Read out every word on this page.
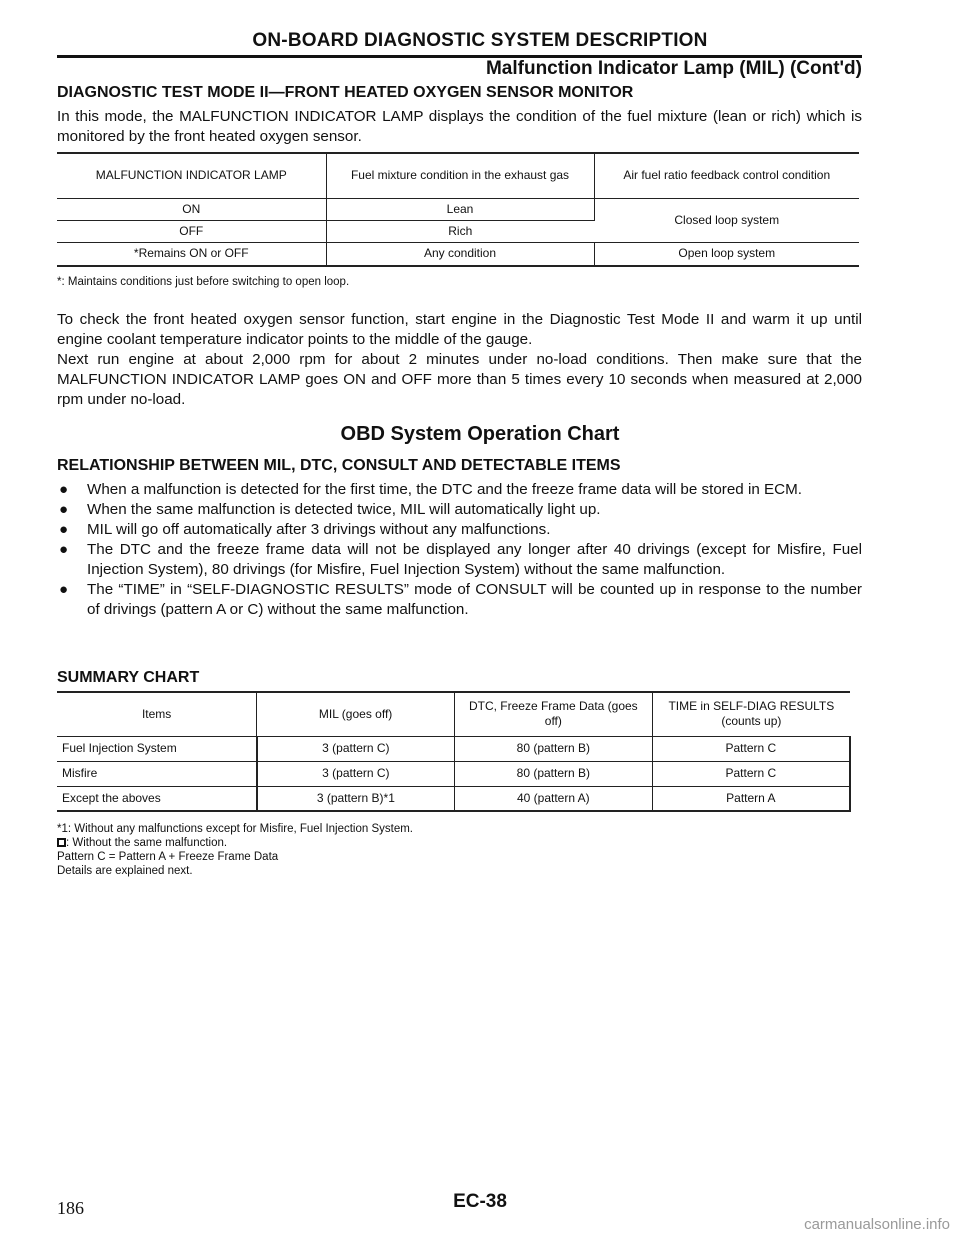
ON-BOARD DIAGNOSTIC SYSTEM DESCRIPTION
Malfunction Indicator Lamp (MIL) (Cont'd)
DIAGNOSTIC TEST MODE II—FRONT HEATED OXYGEN SENSOR MONITOR

In this mode, the MALFUNCTION INDICATOR LAMP displays the condition of the fuel mixture (lean or rich) which is monitored by the front heated oxygen sensor.

MALFUNCTION INDICATOR LAMP	Fuel mixture condition in the exhaust gas	Air fuel ratio feedback control condition
ON	Lean	Closed loop system
OFF	Rich	
*Remains ON or OFF	Any condition	Open loop system
*: Maintains conditions just before switching to open loop.

To check the front heated oxygen sensor function, start engine in the Diagnostic Test Mode II and warm it up until engine coolant temperature indicator points to the middle of the gauge.

Next run engine at about 2,000 rpm for about 2 minutes under no-load conditions. Then make sure that the MALFUNCTION INDICATOR LAMP goes ON and OFF more than 5 times every 10 seconds when measured at 2,000 rpm under no-load.

OBD System Operation Chart
RELATIONSHIP BETWEEN MIL, DTC, CONSULT AND DETECTABLE ITEMS
● When a malfunction is detected for the first time, the DTC and the freeze frame data will be stored in ECM.
● When the same malfunction is detected twice, MIL will automatically light up.
● MIL will go off automatically after 3 drivings without any malfunctions.
● The DTC and the freeze frame data will not be displayed any longer after 40 drivings (except for Misfire, Fuel Injection System), 80 drivings (for Misfire, Fuel Injection System) without the same malfunction.
● The “TIME” in “SELF-DIAGNOSTIC RESULTS” mode of CONSULT will be counted up in response to the number of drivings (pattern A or C) without the same malfunction.
SUMMARY CHART
Items	MIL (goes off)	DTC, Freeze Frame Data (goes off)	TIME in SELF-DIAG RESULTS (counts up)
Fuel Injection System	3 (pattern C)	80 (pattern B)	Pattern C
Misfire	3 (pattern C)	80 (pattern B)	Pattern C
Except the aboves	3 (pattern B)*1	40 (pattern A)	Pattern A
*1: Without any malfunctions except for Misfire, Fuel Injection System.
: Without the same malfunction.
Pattern C = Pattern A + Freeze Frame Data
Details are explained next.
186	EC-38
carmanualsonline.info
